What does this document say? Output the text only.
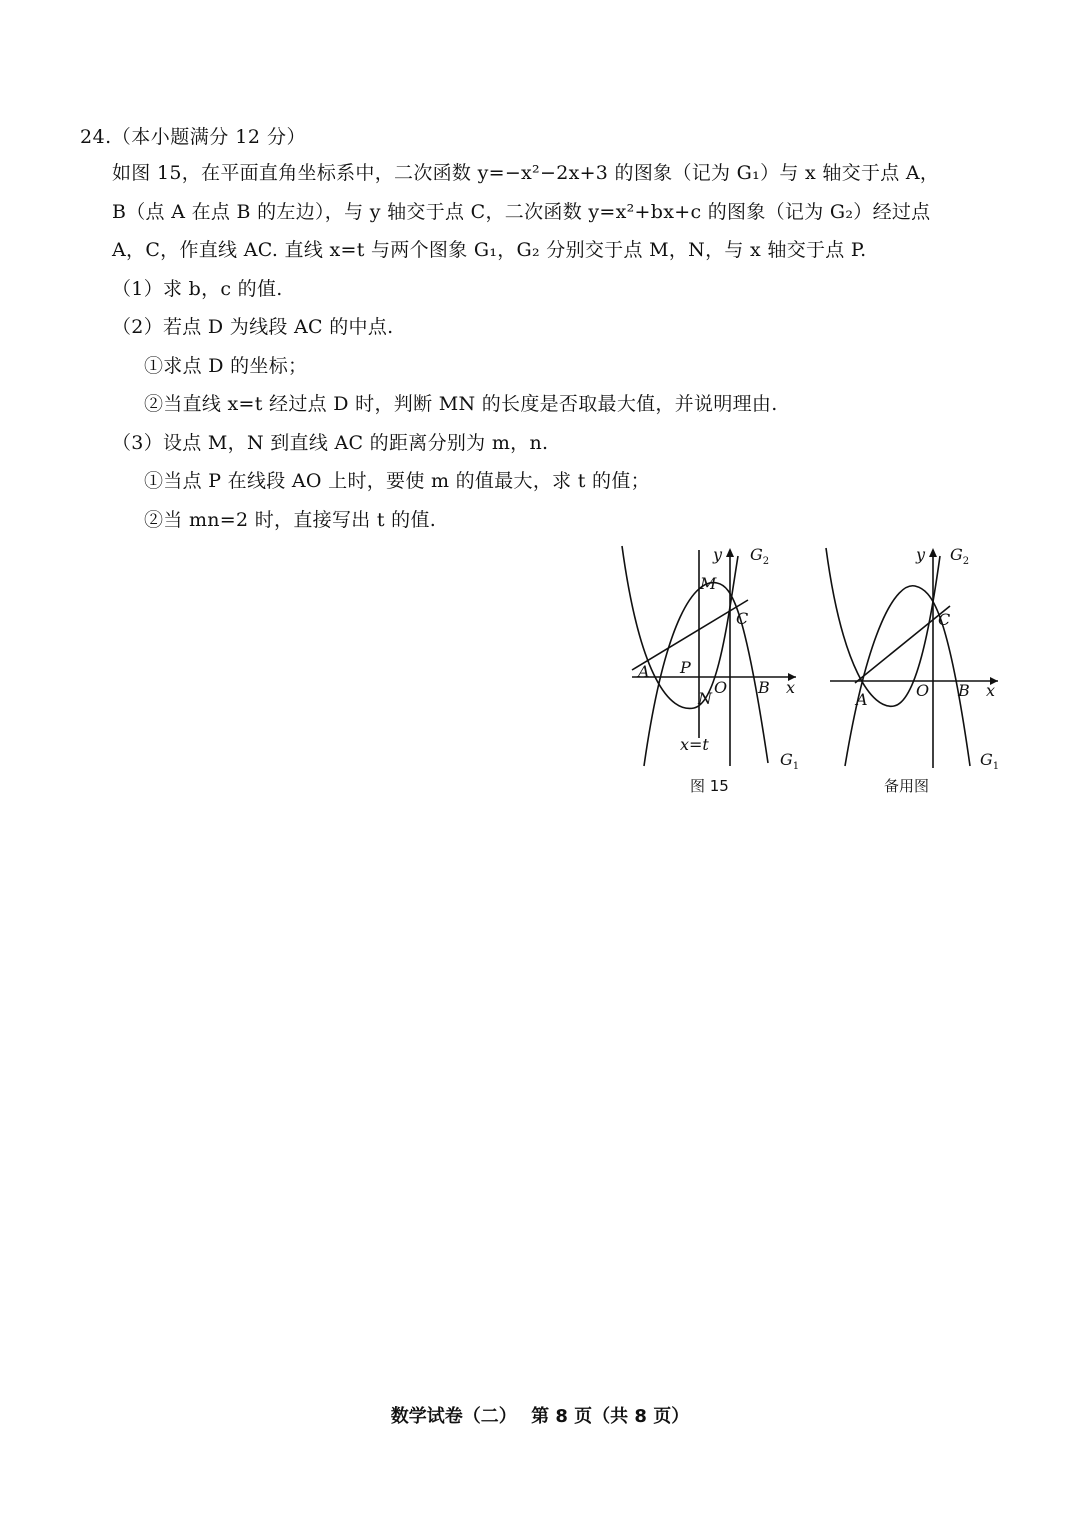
24.（本小题满分 12 分）
如图 15，在平面直角坐标系中，二次函数 y=−x²−2x+3 的图象（记为 G₁）与 x 轴交于点 A，
B（点 A 在点 B 的左边），与 y 轴交于点 C，二次函数 y=x²+bx+c 的图象（记为 G₂）经过点
A，C，作直线 AC. 直线 x=t 与两个图象 G₁，G₂ 分别交于点 M，N，与 x 轴交于点 P.
（1）求 b，c 的值.
（2）若点 D 为线段 AC 的中点.
①求点 D 的坐标；
②当直线 x=t 经过点 D 时，判断 MN 的长度是否取最大值，并说明理由.
（3）设点 M，N 到直线 AC 的距离分别为 m，n.
①当点 P 在线段 AO 上时，要使 m 的值最大，求 t 的值；
②当 mn=2 时，直接写出 t 的值.
y $G_2$
M
C
A P
O B x
N
x=t
$G_1$
图 15
y $G_2$
C
A	O B x
$G_1$
备用图
数学试卷（二） 第 8 页（共 8 页）
